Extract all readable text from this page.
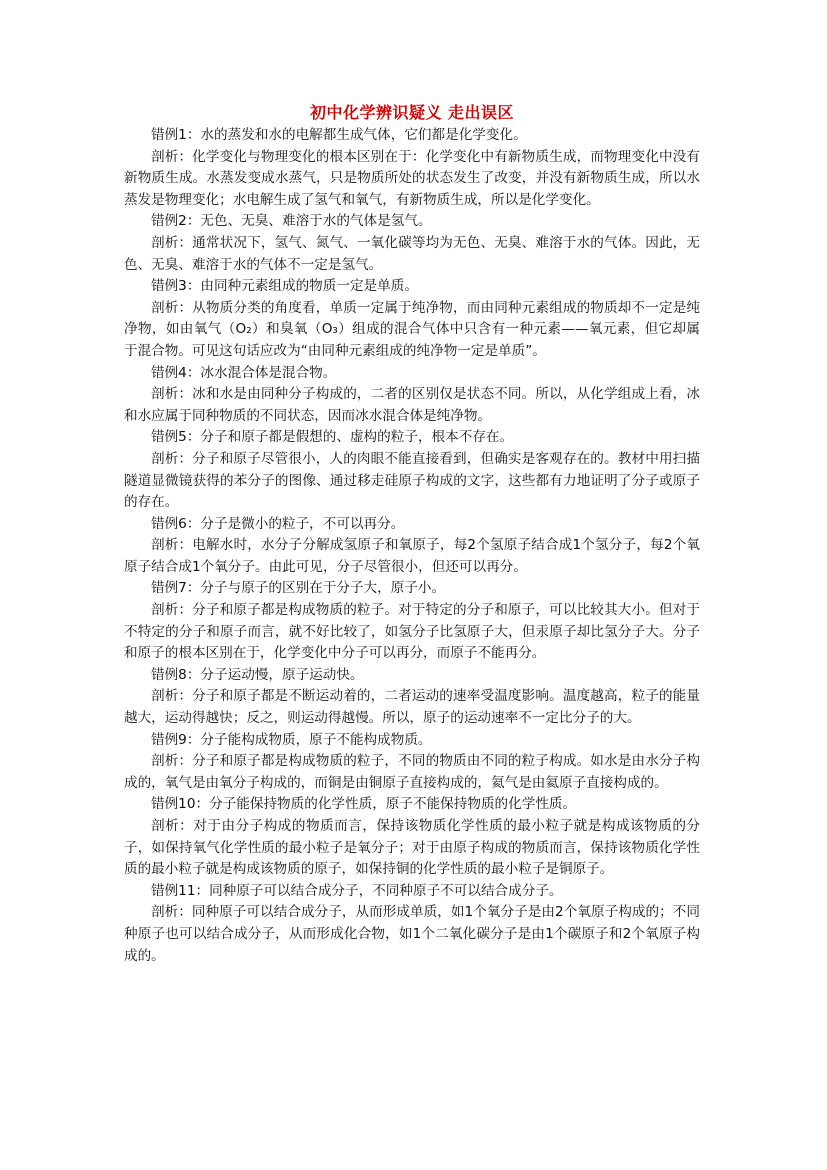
初中化学辨识疑义 走出误区

错例1：水的蒸发和水的电解都生成气体，它们都是化学变化。

剖析：化学变化与物理变化的根本区别在于：化学变化中有新物质生成，而物理变化中没有新物质生成。水蒸发变成水蒸气，只是物质所处的状态发生了改变，并没有新物质生成，所以水蒸发是物理变化；水电解生成了氢气和氧气，有新物质生成，所以是化学变化。

错例2：无色、无臭、难溶于水的气体是氢气。

剖析：通常状况下，氢气、氮气、一氧化碳等均为无色、无臭、难溶于水的气体。因此，无色、无臭、难溶于水的气体不一定是氢气。

错例3：由同种元素组成的物质一定是单质。

剖析：从物质分类的角度看，单质一定属于纯净物，而由同种元素组成的物质却不一定是纯净物，如由氧气（O₂）和臭氧（O₃）组成的混合气体中只含有一种元素——氧元素，但它却属于混合物。可见这句话应改为“由同种元素组成的纯净物一定是单质”。

错例4：冰水混合体是混合物。

剖析：冰和水是由同种分子构成的，二者的区别仅是状态不同。所以，从化学组成上看，冰和水应属于同种物质的不同状态，因而冰水混合体是纯净物。

错例5：分子和原子都是假想的、虚构的粒子，根本不存在。

剖析：分子和原子尽管很小，人的肉眼不能直接看到，但确实是客观存在的。教材中用扫描隧道显微镜获得的苯分子的图像、通过移走硅原子构成的文字，这些都有力地证明了分子或原子的存在。

错例6：分子是微小的粒子，不可以再分。

剖析：电解水时，水分子分解成氢原子和氧原子，每2个氢原子结合成1个氢分子，每2个氧原子结合成1个氧分子。由此可见，分子尽管很小，但还可以再分。

错例7：分子与原子的区别在于分子大，原子小。

剖析：分子和原子都是构成物质的粒子。对于特定的分子和原子，可以比较其大小。但对于不特定的分子和原子而言，就不好比较了，如氢分子比氢原子大，但汞原子却比氢分子大。分子和原子的根本区别在于，化学变化中分子可以再分，而原子不能再分。

错例8：分子运动慢，原子运动快。

剖析：分子和原子都是不断运动着的，二者运动的速率受温度影响。温度越高，粒子的能量越大，运动得越快；反之，则运动得越慢。所以，原子的运动速率不一定比分子的大。

错例9：分子能构成物质，原子不能构成物质。

剖析：分子和原子都是构成物质的粒子，不同的物质由不同的粒子构成。如水是由水分子构成的，氧气是由氧分子构成的，而铜是由铜原子直接构成的，氦气是由氦原子直接构成的。

错例10：分子能保持物质的化学性质，原子不能保持物质的化学性质。

剖析：对于由分子构成的物质而言，保持该物质化学性质的最小粒子就是构成该物质的分子，如保持氧气化学性质的最小粒子是氧分子；对于由原子构成的物质而言，保持该物质化学性质的最小粒子就是构成该物质的原子，如保持铜的化学性质的最小粒子是铜原子。

错例11：同种原子可以结合成分子，不同种原子不可以结合成分子。

剖析：同种原子可以结合成分子，从而形成单质，如1个氧分子是由2个氧原子构成的；不同种原子也可以结合成分子，从而形成化合物，如1个二氧化碳分子是由1个碳原子和2个氧原子构成的。
